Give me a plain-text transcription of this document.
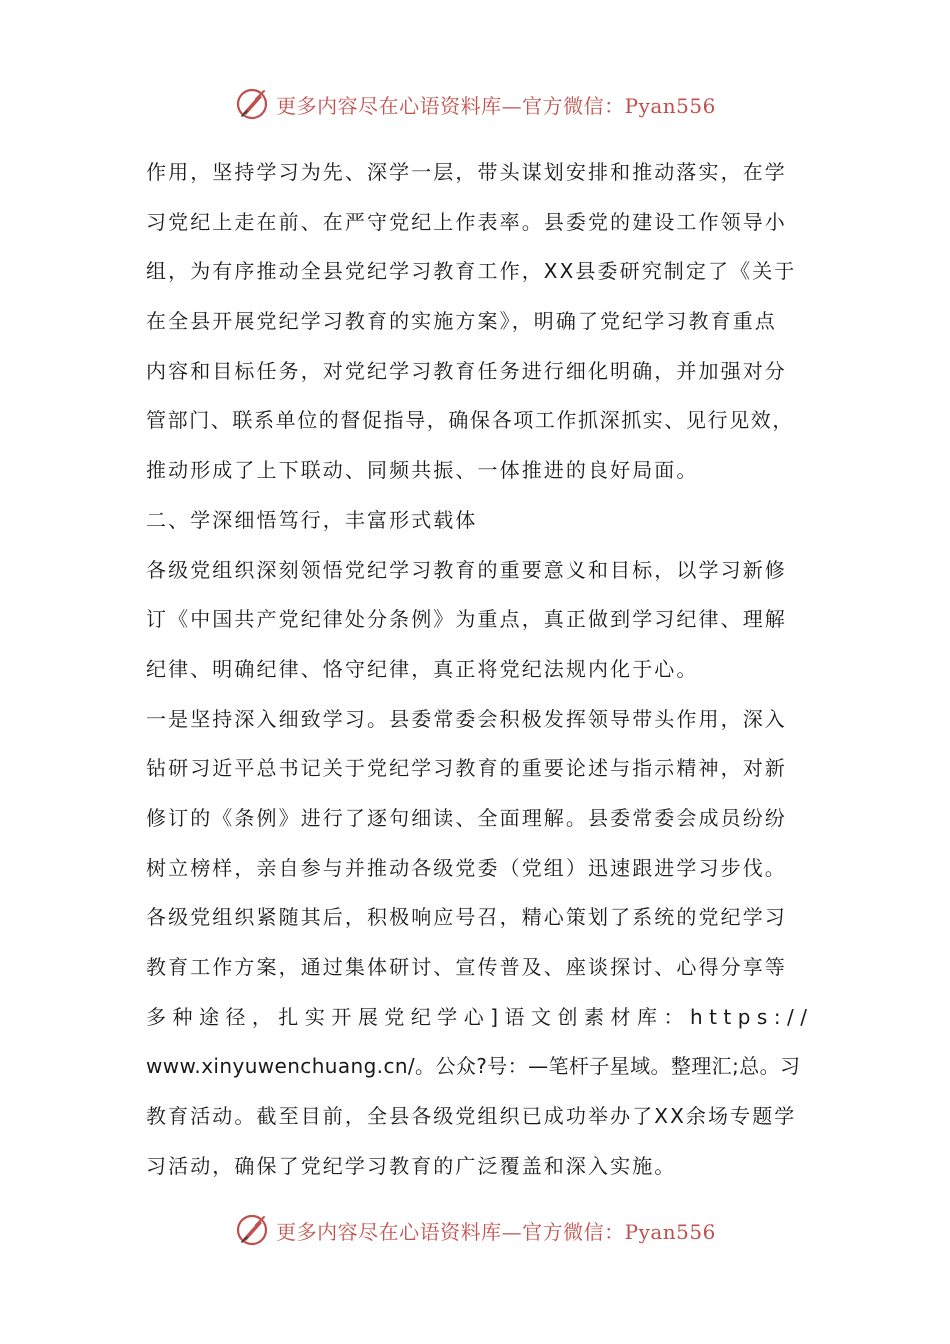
更多内容尽在心语资料库—官方微信：Pyan556
作用，坚持学习为先、深学一层，带头谋划安排和推动落实，在学
习党纪上走在前、在严守党纪上作表率。县委党的建设工作领导小
组，为有序推动全县党纪学习教育工作，XX县委研究制定了《关于
在全县开展党纪学习教育的实施方案》，明确了党纪学习教育重点
内容和目标任务，对党纪学习教育任务进行细化明确，并加强对分
管部门、联系单位的督促指导，确保各项工作抓深抓实、见行见效，
推动形成了上下联动、同频共振、一体推进的良好局面。
二、学深细悟笃行，丰富形式载体
各级党组织深刻领悟党纪学习教育的重要意义和目标，以学习新修
订《中国共产党纪律处分条例》为重点，真正做到学习纪律、理解
纪律、明确纪律、恪守纪律，真正将党纪法规内化于心。
一是坚持深入细致学习。县委常委会积极发挥领导带头作用，深入
钻研习近平总书记关于党纪学习教育的重要论述与指示精神，对新
修订的《条例》进行了逐句细读、全面理解。县委常委会成员纷纷
树立榜样，亲自参与并推动各级党委（党组）迅速跟进学习步伐。
各级党组织紧随其后，积极响应号召，精心策划了系统的党纪学习
教育工作方案，通过集体研讨、宣传普及、座谈探讨、心得分享等
多种途径，扎实开展党纪学心]语文创素材库：https://
www.xinyuwenchuang.cn/。公众?号：—笔杆子星域。整理汇;总。习
教育活动。截至目前，全县各级党组织已成功举办了XX余场专题学
习活动，确保了党纪学习教育的广泛覆盖和深入实施。
更多内容尽在心语资料库—官方微信：Pyan556
